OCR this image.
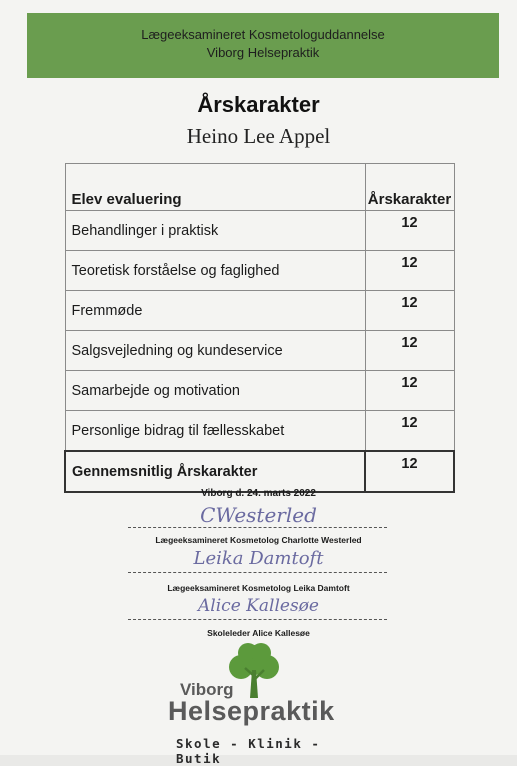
Lægeeksamineret Kosmetologuddannelse
Viborg Helsepraktik
Årskarakter
Heino Lee Appel
Elev evaluering	Årskarakter
Behandlinger i praktisk	12
Teoretisk forståelse og faglighed	12
Fremmøde	12
Salgsvejledning og kundeservice	12
Samarbejde og motivation	12
Personlige bidrag til fællesskabet	12
Gennemsnitlig Årskarakter	12
Viborg d. 24. marts 2022
CWesterled
Lægeeksamineret Kosmetolog Charlotte Westerled
Leika Damtoft
Lægeeksamineret Kosmetolog Leika Damtoft
Alice Kallesøe
Skoleleder Alice Kallesøe
Viborg
Helsepraktik
Skole - Klinik - Butik
